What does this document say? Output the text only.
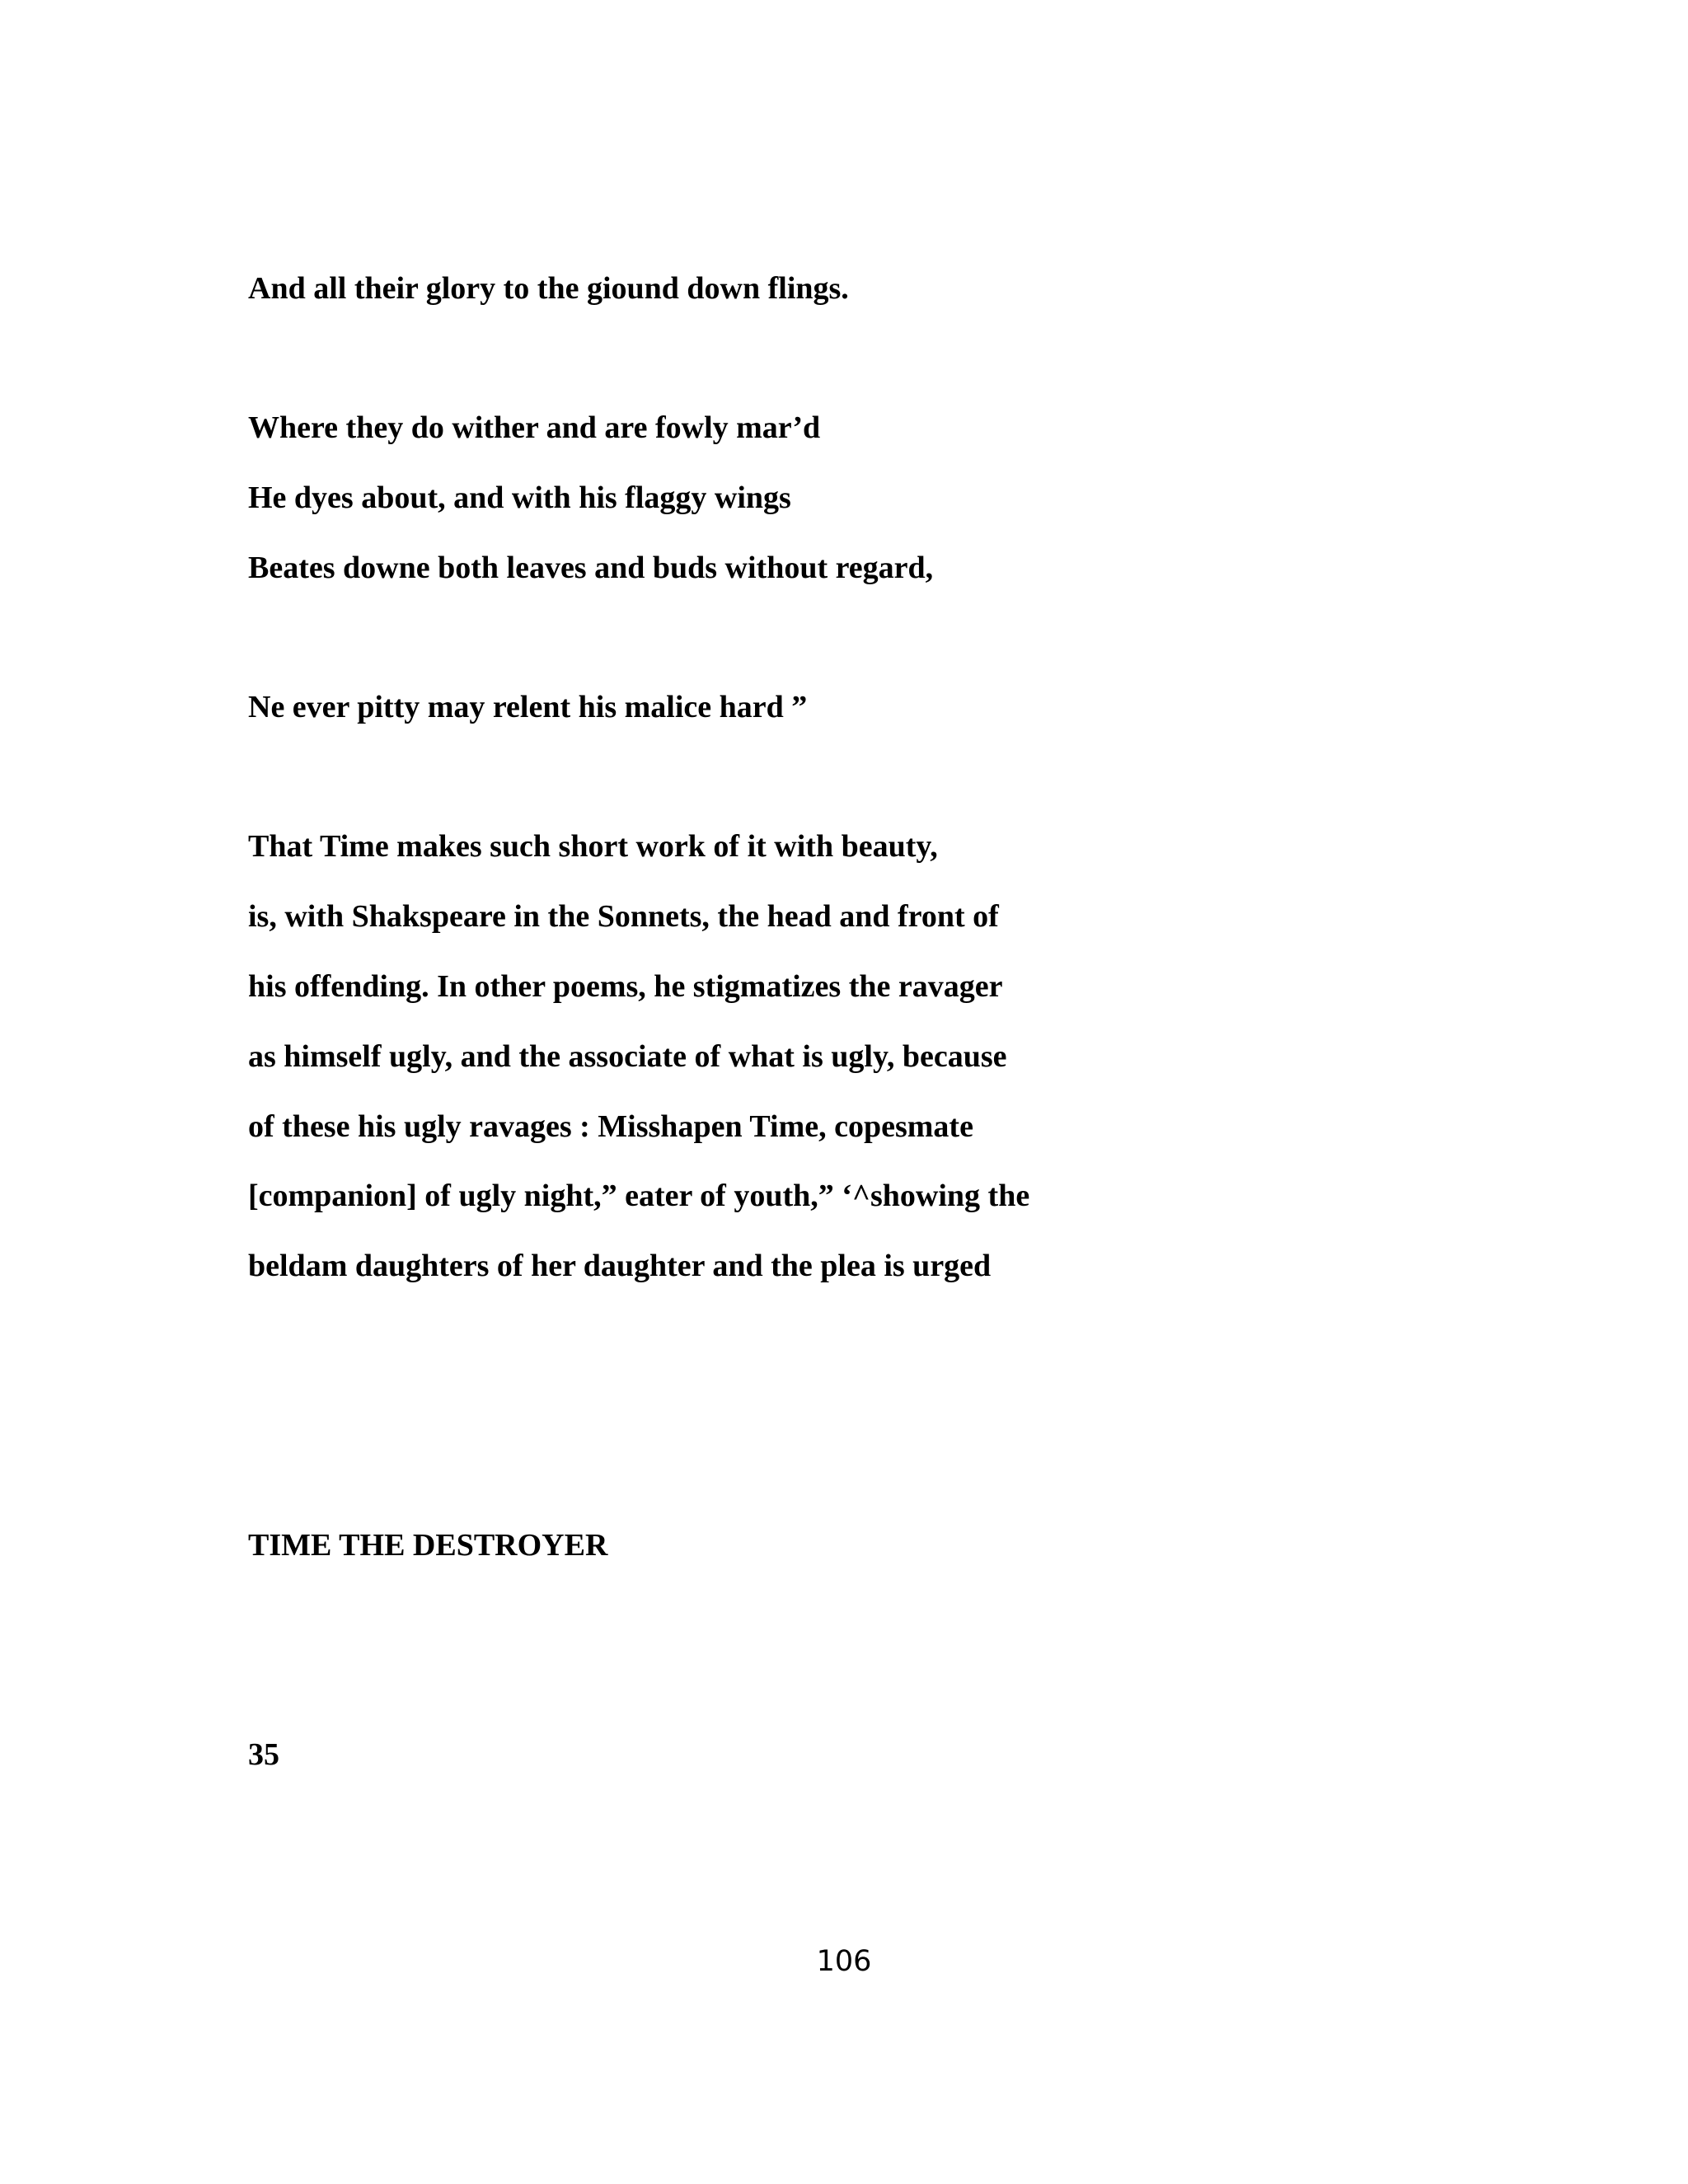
And all their glory to the giound down flings.

Where they do wither and are fowly mar’d

He dyes about, and with his flaggy wings

Beates downe both leaves and buds without regard,

Ne ever pitty may relent his malice hard ”

That Time makes such short work of it with beauty,

is, with Shakspeare in the Sonnets, the head and front of

his offending. In other poems, he stigmatizes the ravager

as himself ugly, and the associate of what is ugly, because

of these his ugly ravages : Misshapen Time, copesmate

[companion] of ugly night,” eater of youth,” ‘^showing the

beldam daughters of her daughter and the plea is urged

TIME THE DESTROYER

35

106
